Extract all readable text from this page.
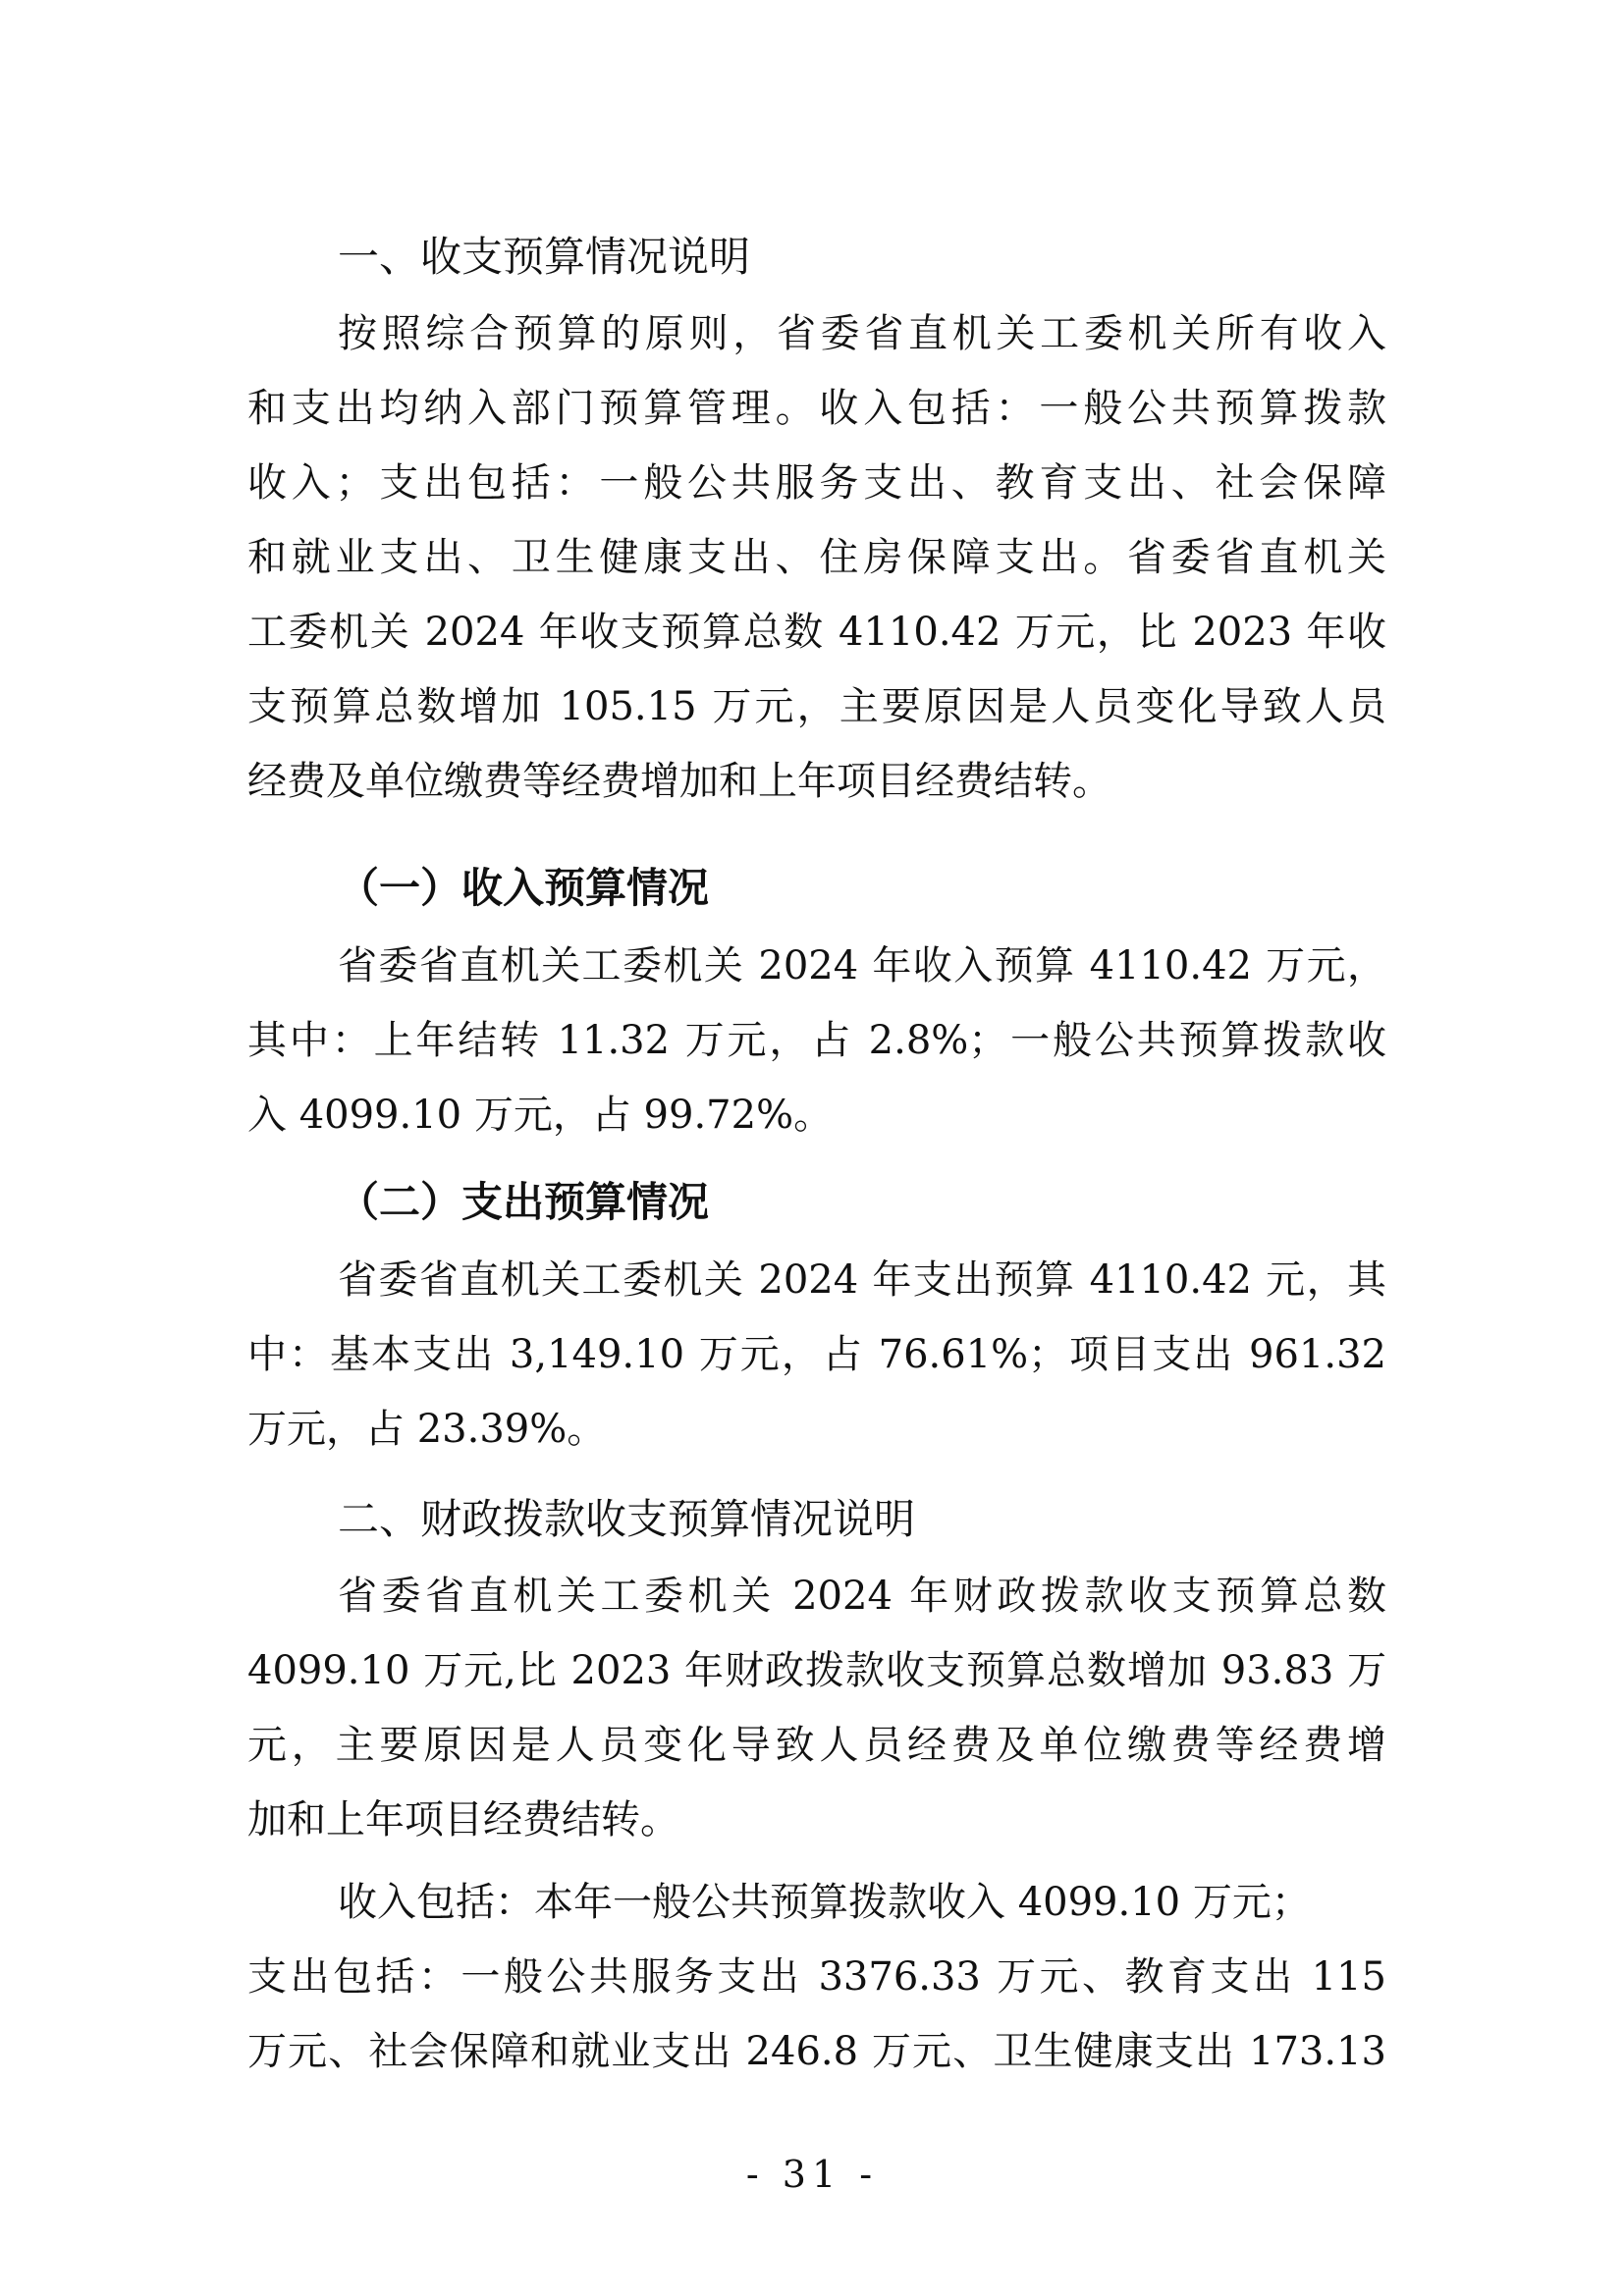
一、收支预算情况说明
按照综合预算的原则，省委省直机关工委机关所有收入
和支出均纳入部门预算管理。收入包括：一般公共预算拨款
收入；支出包括：一般公共服务支出、教育支出、社会保障
和就业支出、卫生健康支出、住房保障支出。省委省直机关
工委机关 2024 年收支预算总数 4110.42 万元，比 2023 年收
支预算总数增加 105.15 万元，主要原因是人员变化导致人员
经费及单位缴费等经费增加和上年项目经费结转。
（一）收入预算情况
省委省直机关工委机关 2024 年收入预算 4110.42 万元，
其中：上年结转 11.32 万元，占 2.8%；一般公共预算拨款收
入 4099.10 万元，占 99.72%。
（二）支出预算情况
省委省直机关工委机关 2024 年支出预算 4110.42 元，其
中：基本支出 3,149.10 万元，占 76.61%；项目支出 961.32
万元，占 23.39%。
二、财政拨款收支预算情况说明
省委省直机关工委机关 2024 年财政拨款收支预算总数
4099.10 万元,比 2023 年财政拨款收支预算总数增加 93.83 万
元，主要原因是人员变化导致人员经费及单位缴费等经费增
加和上年项目经费结转。
收入包括：本年一般公共预算拨款收入 4099.10 万元；
支出包括：一般公共服务支出 3376.33 万元、教育支出 115
万元、社会保障和就业支出 246.8 万元、卫生健康支出 173.13
- 31 -
